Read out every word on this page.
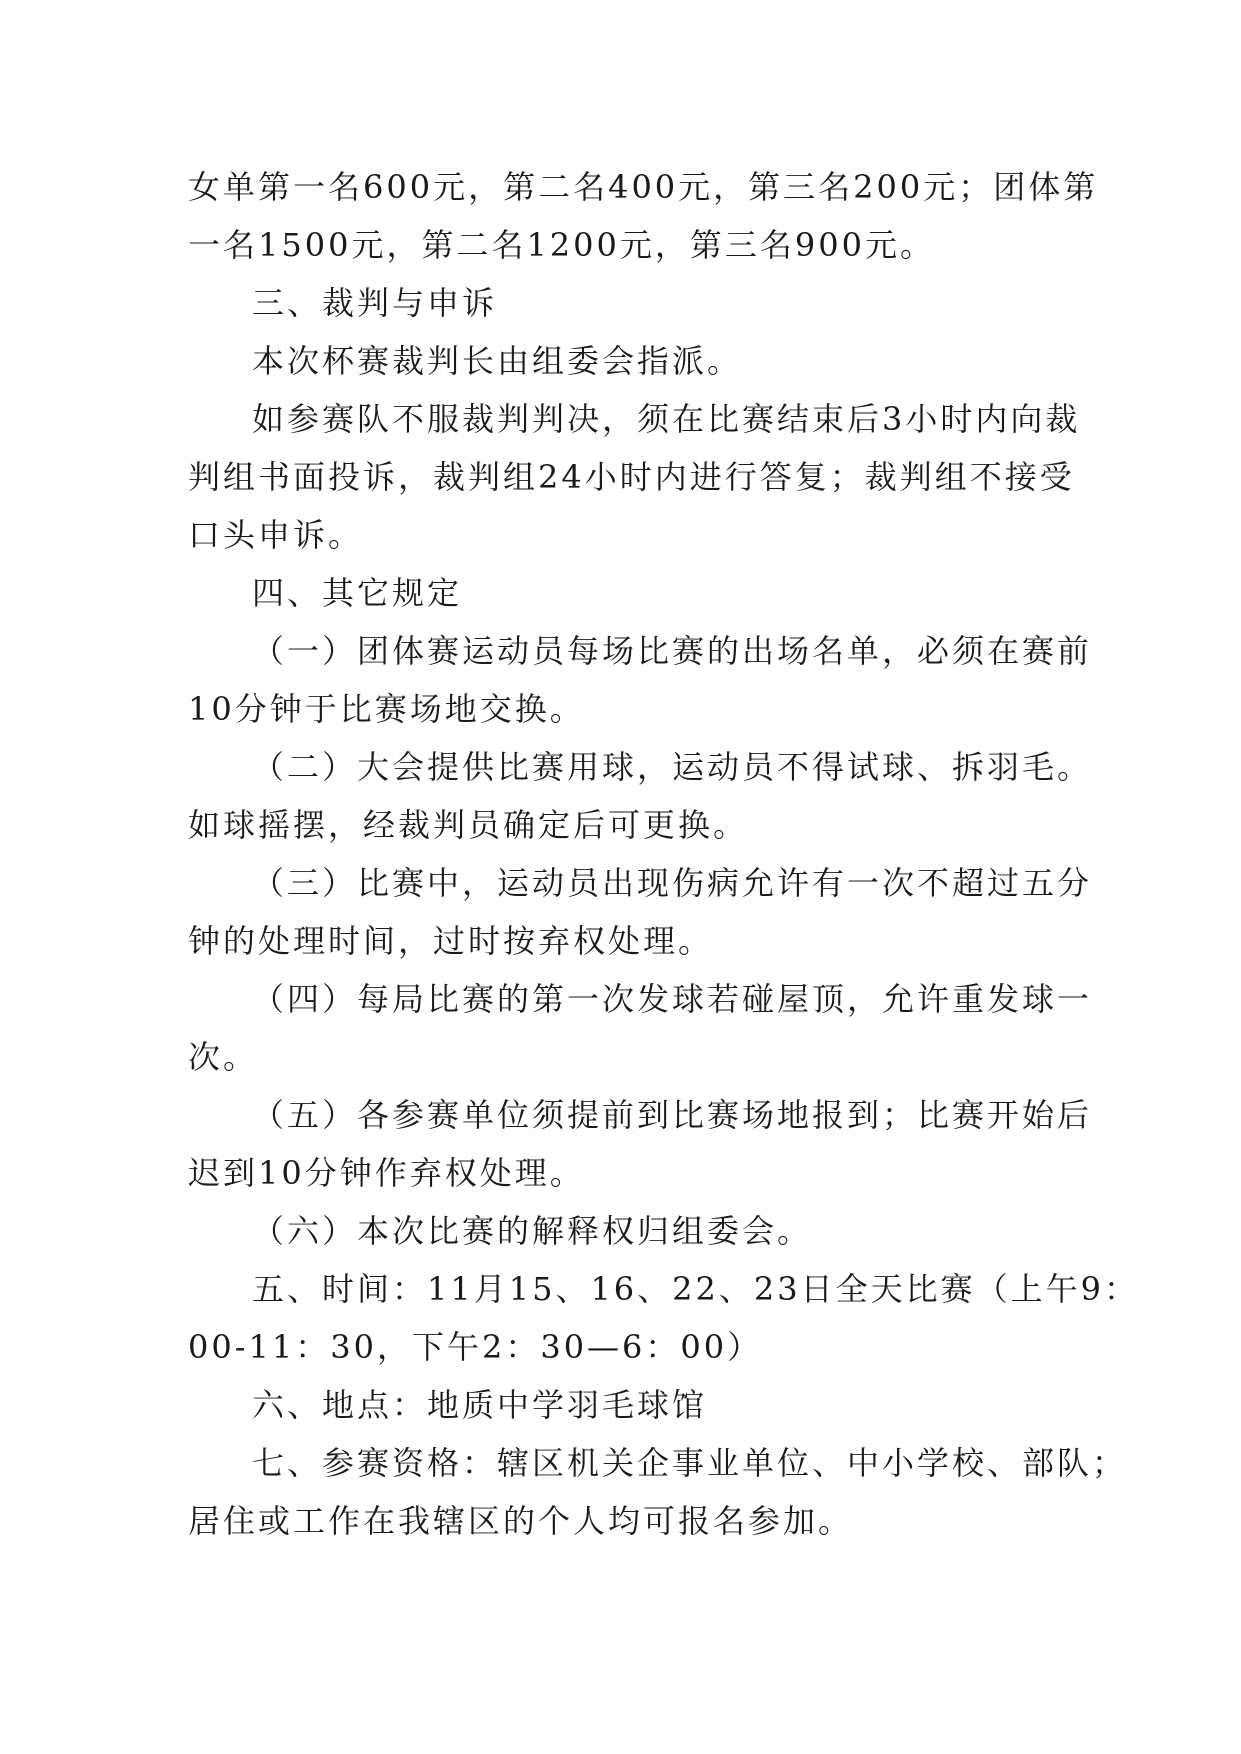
女单第一名600元，第二名400元，第三名200元；团体第

一名1500元，第二名1200元，第三名900元。

三、裁判与申诉

本次杯赛裁判长由组委会指派。

如参赛队不服裁判判决，须在比赛结束后3小时内向裁

判组书面投诉，裁判组24小时内进行答复；裁判组不接受

口头申诉。

四、其它规定

（一）团体赛运动员每场比赛的出场名单，必须在赛前

10分钟于比赛场地交换。

（二）大会提供比赛用球，运动员不得试球、拆羽毛。

如球摇摆，经裁判员确定后可更换。

（三）比赛中，运动员出现伤病允许有一次不超过五分

钟的处理时间，过时按弃权处理。

（四）每局比赛的第一次发球若碰屋顶，允许重发球一

次。

（五）各参赛单位须提前到比赛场地报到；比赛开始后

迟到10分钟作弃权处理。

（六）本次比赛的解释权归组委会。

五、时间：11月15、16、22、23日全天比赛（上午9：

00-11：30，下午2：30—6：00）

六、地点：地质中学羽毛球馆

七、参赛资格：辖区机关企事业单位、中小学校、部队；

居住或工作在我辖区的个人均可报名参加。
